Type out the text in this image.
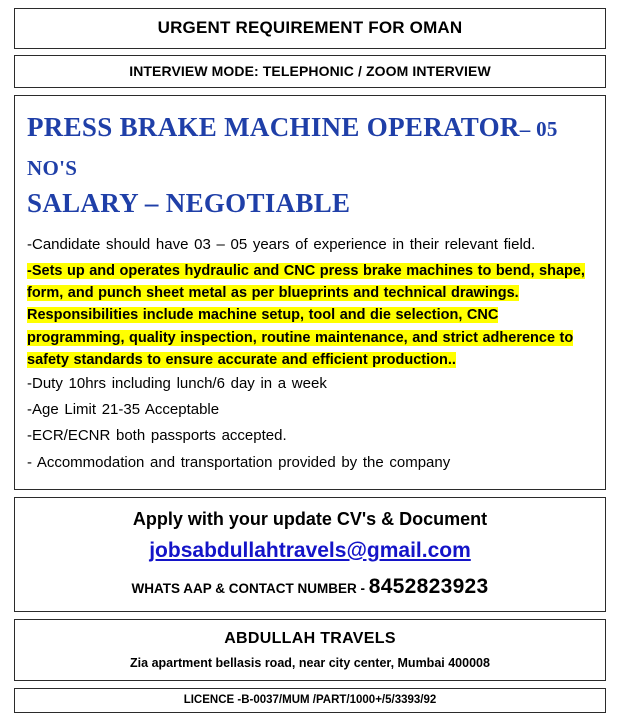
URGENT REQUIREMENT FOR OMAN
INTERVIEW MODE: TELEPHONIC / ZOOM INTERVIEW
PRESS BRAKE MACHINE OPERATOR– 05 NO'S
SALARY – NEGOTIABLE
-Candidate should have 03 – 05 years of experience in their relevant field.
-Sets up and operates hydraulic and CNC press brake machines to bend, shape, form, and punch sheet metal as per blueprints and technical drawings. Responsibilities include machine setup, tool and die selection, CNC programming, quality inspection, routine maintenance, and strict adherence to safety standards to ensure accurate and efficient production..
-Duty 10hrs including lunch/6 day in a week
-Age Limit 21-35 Acceptable
-ECR/ECNR both passports accepted.
- Accommodation and transportation provided by the company
Apply with your update CV's & Document
jobsabdullahtravels@gmail.com
WHATS AAP & CONTACT NUMBER - 8452823923
ABDULLAH TRAVELS
Zia apartment bellasis road, near city center, Mumbai 400008
LICENCE -B-0037/MUM /PART/1000+/5/3393/92
